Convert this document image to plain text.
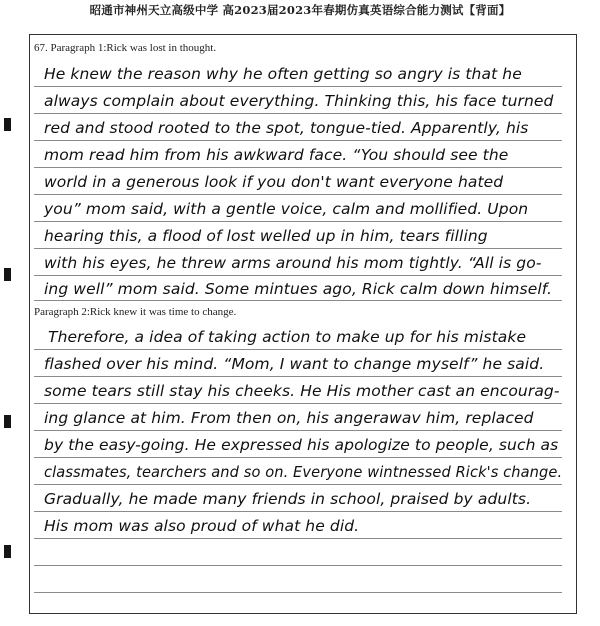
昭通市神州天立高级中学 高2023届2023年春期仿真英语综合能力测试【背面】
67. Paragraph 1:Rick was lost in thought.
He knew the reason why he often getting so angry is that he
always complain about everything. Thinking this, his face turned
red and stood rooted to the spot, tongue-tied. Apparently, his
mom read him from his awkward face. “You should see the
world in a generous look if you don't want everyone hated
you” mom said, with a gentle voice, calm and mollified. Upon
hearing this, a flood of lost welled up in him, tears filling
with his eyes, he threw arms around his mom tightly. “All is go-
ing well” mom said. Some mintues ago, Rick calm down himself.
Paragraph 2:Rick knew it was time to change.
Therefore, a idea of taking action to make up for his mistake
flashed over his mind. “Mom, I want to change myself” he said.
some tears still stay his cheeks. He His mother cast an encourag-
ing glance at him. From then on, his angerawav him, replaced
by the easy-going. He expressed his apologize to people, such as
classmates, tearchers and so on. Everyone wintnessed Rick's change.
Gradually, he made many friends in school, praised by adults.
His mom was also proud of what he did.
